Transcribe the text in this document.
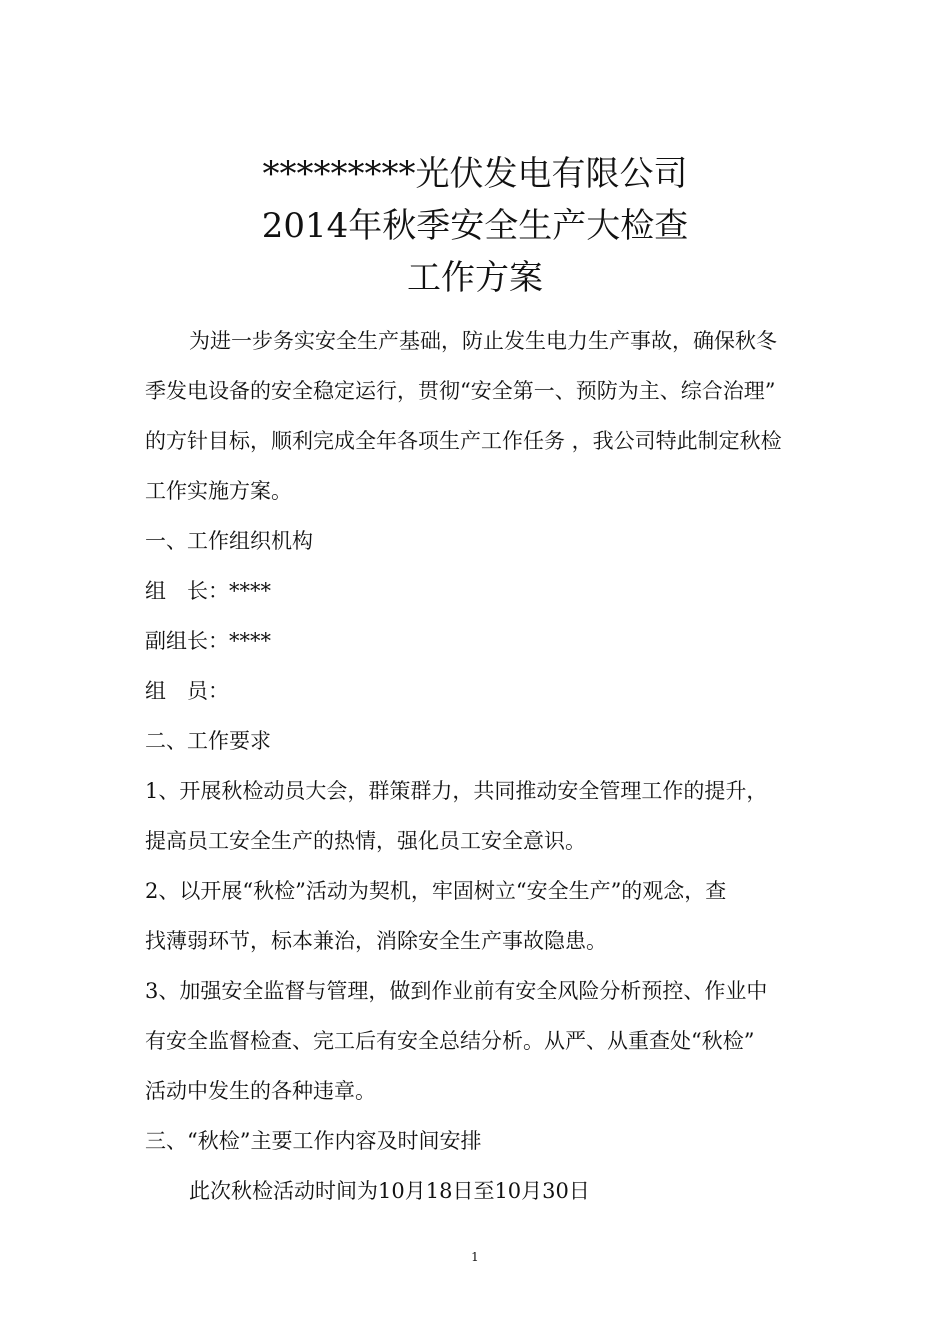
*********光伏发电有限公司
2014年秋季安全生产大检查
工作方案
为进一步务实安全生产基础，防止发生电力生产事故，确保秋冬
季发电设备的安全稳定运行，贯彻“安全第一、预防为主、综合治理”
的方针目标，顺利完成全年各项生产工作任务 ，我公司特此制定秋检
工作实施方案。
一、工作组织机构
组　长：****
副组长：****
组　员：
二、工作要求
1、开展秋检动员大会，群策群力，共同推动安全管理工作的提升，
提高员工安全生产的热情，强化员工安全意识。
2、以开展“秋检”活动为契机，牢固树立“安全生产”的观念，查
找薄弱环节，标本兼治，消除安全生产事故隐患。
3、加强安全监督与管理，做到作业前有安全风险分析预控、作业中
有安全监督检查、完工后有安全总结分析。从严、从重查处“秋检”
活动中发生的各种违章。
三、“秋检”主要工作内容及时间安排
此次秋检活动时间为10月18日至10月30日
1
